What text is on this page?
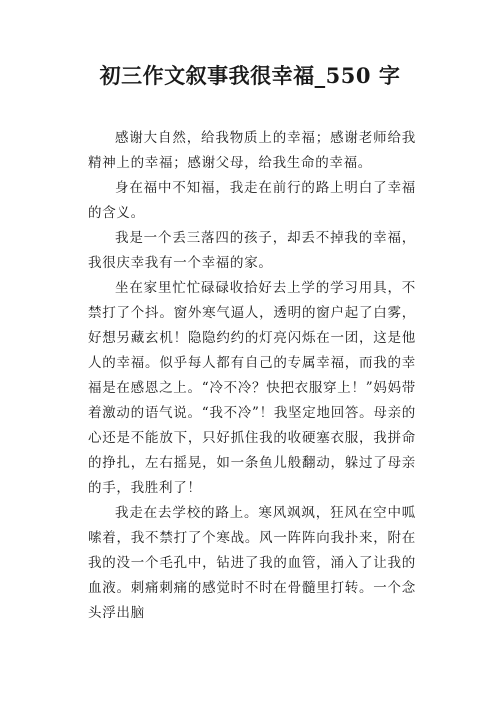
初三作文叙事我很幸福_550 字

感谢大自然，给我物质上的幸福；感谢老师给我精神上的幸福；感谢父母，给我生命的幸福。

身在福中不知福，我走在前行的路上明白了幸福的含义。

我是一个丢三落四的孩子，却丢不掉我的幸福，我很庆幸我有一个幸福的家。

坐在家里忙忙碌碌收拾好去上学的学习用具，不禁打了个抖。窗外寒气逼人，透明的窗户起了白雾，好想另藏玄机！隐隐约约的灯亮闪烁在一团，这是他人的幸福。似乎每人都有自己的专属幸福，而我的幸福是在感恩之上。“冷不冷？快把衣服穿上！”妈妈带着激动的语气说。“我不冷”！我坚定地回答。母亲的心还是不能放下，只好抓住我的收硬塞衣服，我拼命的挣扎，左右摇晃，如一条鱼儿般翻动，躲过了母亲的手，我胜利了！

我走在去学校的路上。寒风飒飒，狂风在空中呱嗦着，我不禁打了个寒战。风一阵阵向我扑来，附在我的没一个毛孔中，钻进了我的血管，涌入了让我的血液。刺痛刺痛的感觉时不时在骨髓里打转。一个念头浮出脑
